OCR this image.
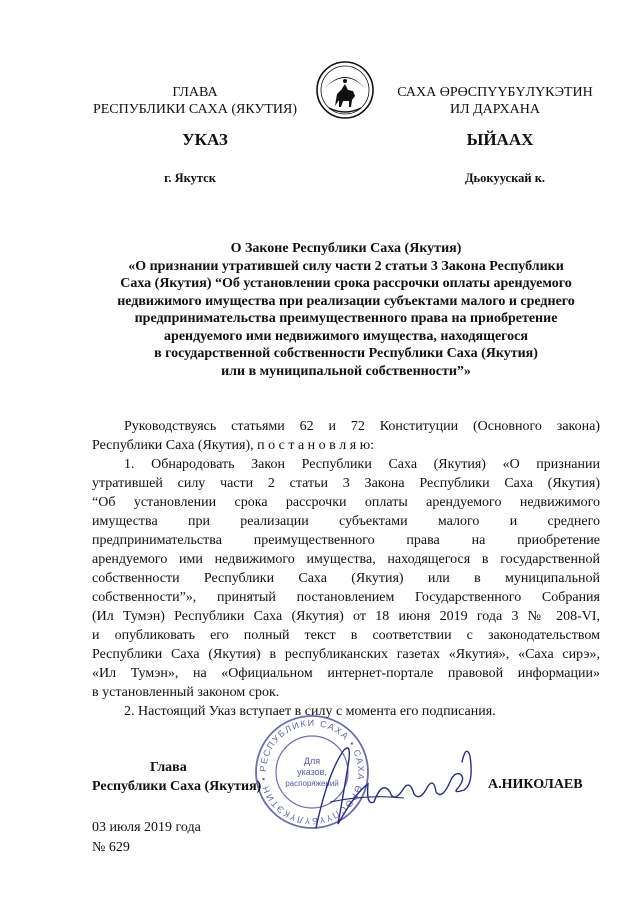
ГЛАВА
РЕСПУБЛИКИ САХА (ЯКУТИЯ)
САХА ӨРӨСПҮҮБҮЛҮКЭТИН
ИЛ ДАРХАНА
УКАЗ	ЫЙААХ
г. Якутск	Дьокуускай к.
О Законе Республики Саха (Якутия)
«О признании утратившей силу части 2 статьи 3 Закона Республики
Саха (Якутия) “Об установлении срока рассрочки оплаты арендуемого
недвижимого имущества при реализации субъектами малого и среднего
предпринимательства преимущественного права на приобретение
арендуемого ими недвижимого имущества, находящегося
в государственной собственности Республики Саха (Якутия)
или в муниципальной собственности”»
Руководствуясь статьями 62 и 72 Конституции (Основного закона)
Республики Саха (Якутия), п о с т а н о в л я ю:
1. Обнародовать Закон Республики Саха (Якутия) «О признании
утратившей силу части 2 статьи 3 Закона Республики Саха (Якутия)
“Об установлении срока рассрочки оплаты арендуемого недвижимого
имущества при реализации субъектами малого и среднего
предпринимательства преимущественного права на приобретение
арендуемого ими недвижимого имущества, находящегося в государственной
собственности Республики Саха (Якутия) или в муниципальной
собственности”», принятый постановлением Государственного Собрания
(Ил Тумэн) Республики Саха (Якутия) от 18 июня 2019 года 3 № 208-VI,
и опубликовать его полный текст в соответствии с законодательством
Республики Саха (Якутия) в республиканских газетах «Якутия», «Саха сирэ»,
«Ил Тумэн», на «Официальном интернет-портале правовой информации»
в установленный законом срок.
2. Настоящий Указ вступает в силу с момента его подписания.
РЕСПУБЛИКИ САХА • САХА ӨРӨСПҮҮБҮЛҮКЭТИН •
Для
указов,
распоряжений
Глава
Республики Саха (Якутия)	А.НИКОЛАЕВ
03 июля 2019 года
№ 629
